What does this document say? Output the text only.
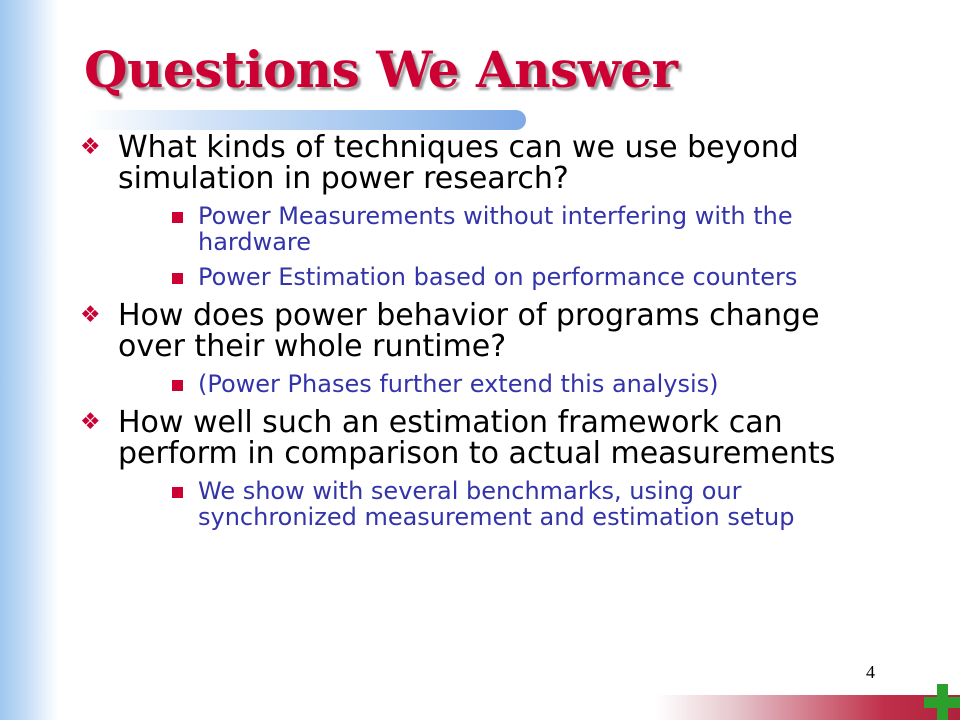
Questions We Answer
❖ What kinds of techniques can we use beyond simulation in power research?
Power Measurements without interfering with the hardware
Power Estimation based on performance counters
❖ How does power behavior of programs change over their whole runtime?
(Power Phases further extend this analysis)
❖ How well such an estimation framework can perform in comparison to actual measurements
We show with several benchmarks, using our synchronized measurement and estimation setup
4
